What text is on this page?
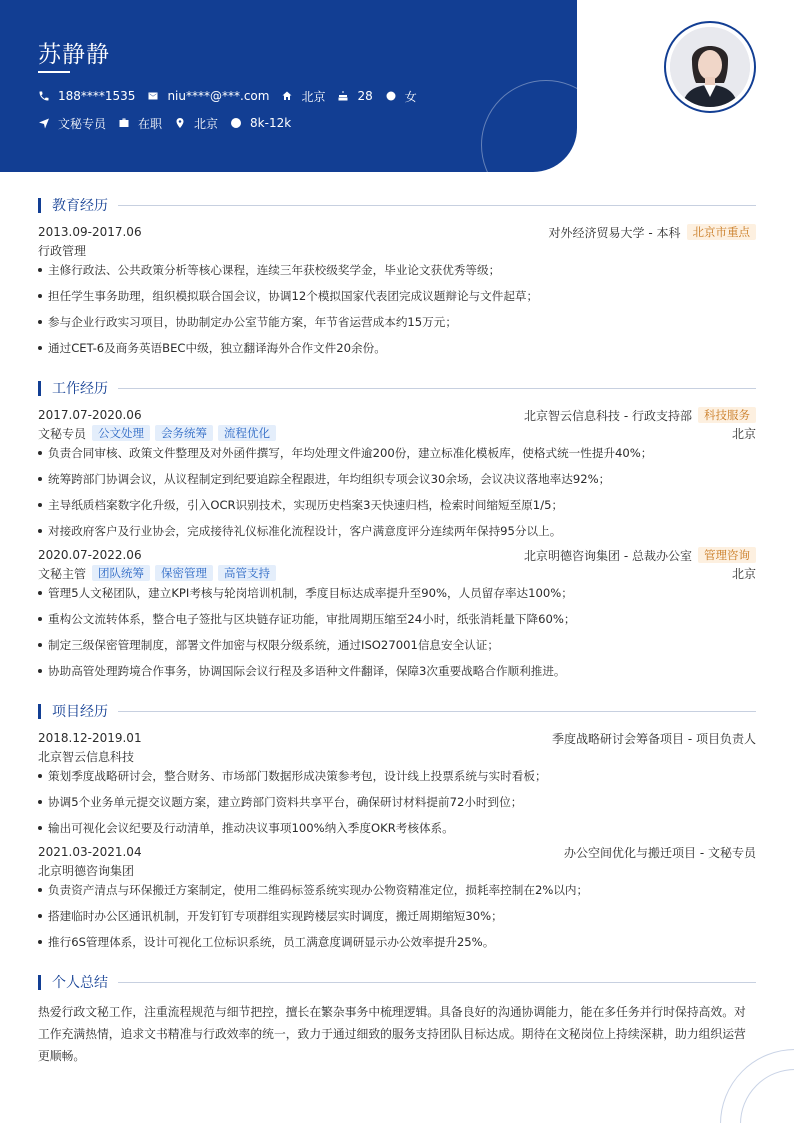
苏静静
188****1535	niu****@***.com	北京	28	女
文秘专员	在职	北京	8k-12k
教育经历
2013.09-2017.06	对外经济贸易大学 - 本科	北京市重点
行政管理
主修行政法、公共政策分析等核心课程，连续三年获校级奖学金，毕业论文获优秀等级；
担任学生事务助理，组织模拟联合国会议，协调12个模拟国家代表团完成议题辩论与文件起草；
参与企业行政实习项目，协助制定办公室节能方案，年节省运营成本约15万元；
通过CET-6及商务英语BEC中级，独立翻译海外合作文件20余份。
工作经历
2017.07-2020.06	北京智云信息科技 - 行政支持部	科技服务
文秘专员	公文处理	会务统筹	流程优化	北京
负责合同审核、政策文件整理及对外函件撰写，年均处理文件逾200份，建立标准化模板库，使格式统一性提升40%；
统筹跨部门协调会议，从议程制定到纪要追踪全程跟进，年均组织专项会议30余场，会议决议落地率达92%；
主导纸质档案数字化升级，引入OCR识别技术，实现历史档案3天快速归档，检索时间缩短至原1/5；
对接政府客户及行业协会，完成接待礼仪标准化流程设计，客户满意度评分连续两年保持95分以上。
2020.07-2022.06	北京明德咨询集团 - 总裁办公室	管理咨询
文秘主管	团队统筹	保密管理	高管支持	北京
管理5人文秘团队，建立KPI考核与轮岗培训机制，季度目标达成率提升至90%，人员留存率达100%；
重构公文流转体系，整合电子签批与区块链存证功能，审批周期压缩至24小时，纸张消耗量下降60%；
制定三级保密管理制度，部署文件加密与权限分级系统，通过ISO27001信息安全认证；
协助高管处理跨境合作事务，协调国际会议行程及多语种文件翻译，保障3次重要战略合作顺利推进。
项目经历
2018.12-2019.01	季度战略研讨会筹备项目 - 项目负责人
北京智云信息科技
策划季度战略研讨会，整合财务、市场部门数据形成决策参考包，设计线上投票系统与实时看板；
协调5个业务单元提交议题方案，建立跨部门资料共享平台，确保研讨材料提前72小时到位；
输出可视化会议纪要及行动清单，推动决议事项100%纳入季度OKR考核体系。
2021.03-2021.04	办公空间优化与搬迁项目 - 文秘专员
北京明德咨询集团
负责资产清点与环保搬迁方案制定，使用二维码标签系统实现办公物资精准定位，损耗率控制在2%以内；
搭建临时办公区通讯机制，开发钉钉专项群组实现跨楼层实时调度，搬迁周期缩短30%；
推行6S管理体系，设计可视化工位标识系统，员工满意度调研显示办公效率提升25%。
个人总结
热爱行政文秘工作，注重流程规范与细节把控，擅长在繁杂事务中梳理逻辑。具备良好的沟通协调能力，能在多任务并行时保持高效。对工作充满热情，追求文书精准与行政效率的统一，致力于通过细致的服务支持团队目标达成。期待在文秘岗位上持续深耕，助力组织运营更顺畅。
